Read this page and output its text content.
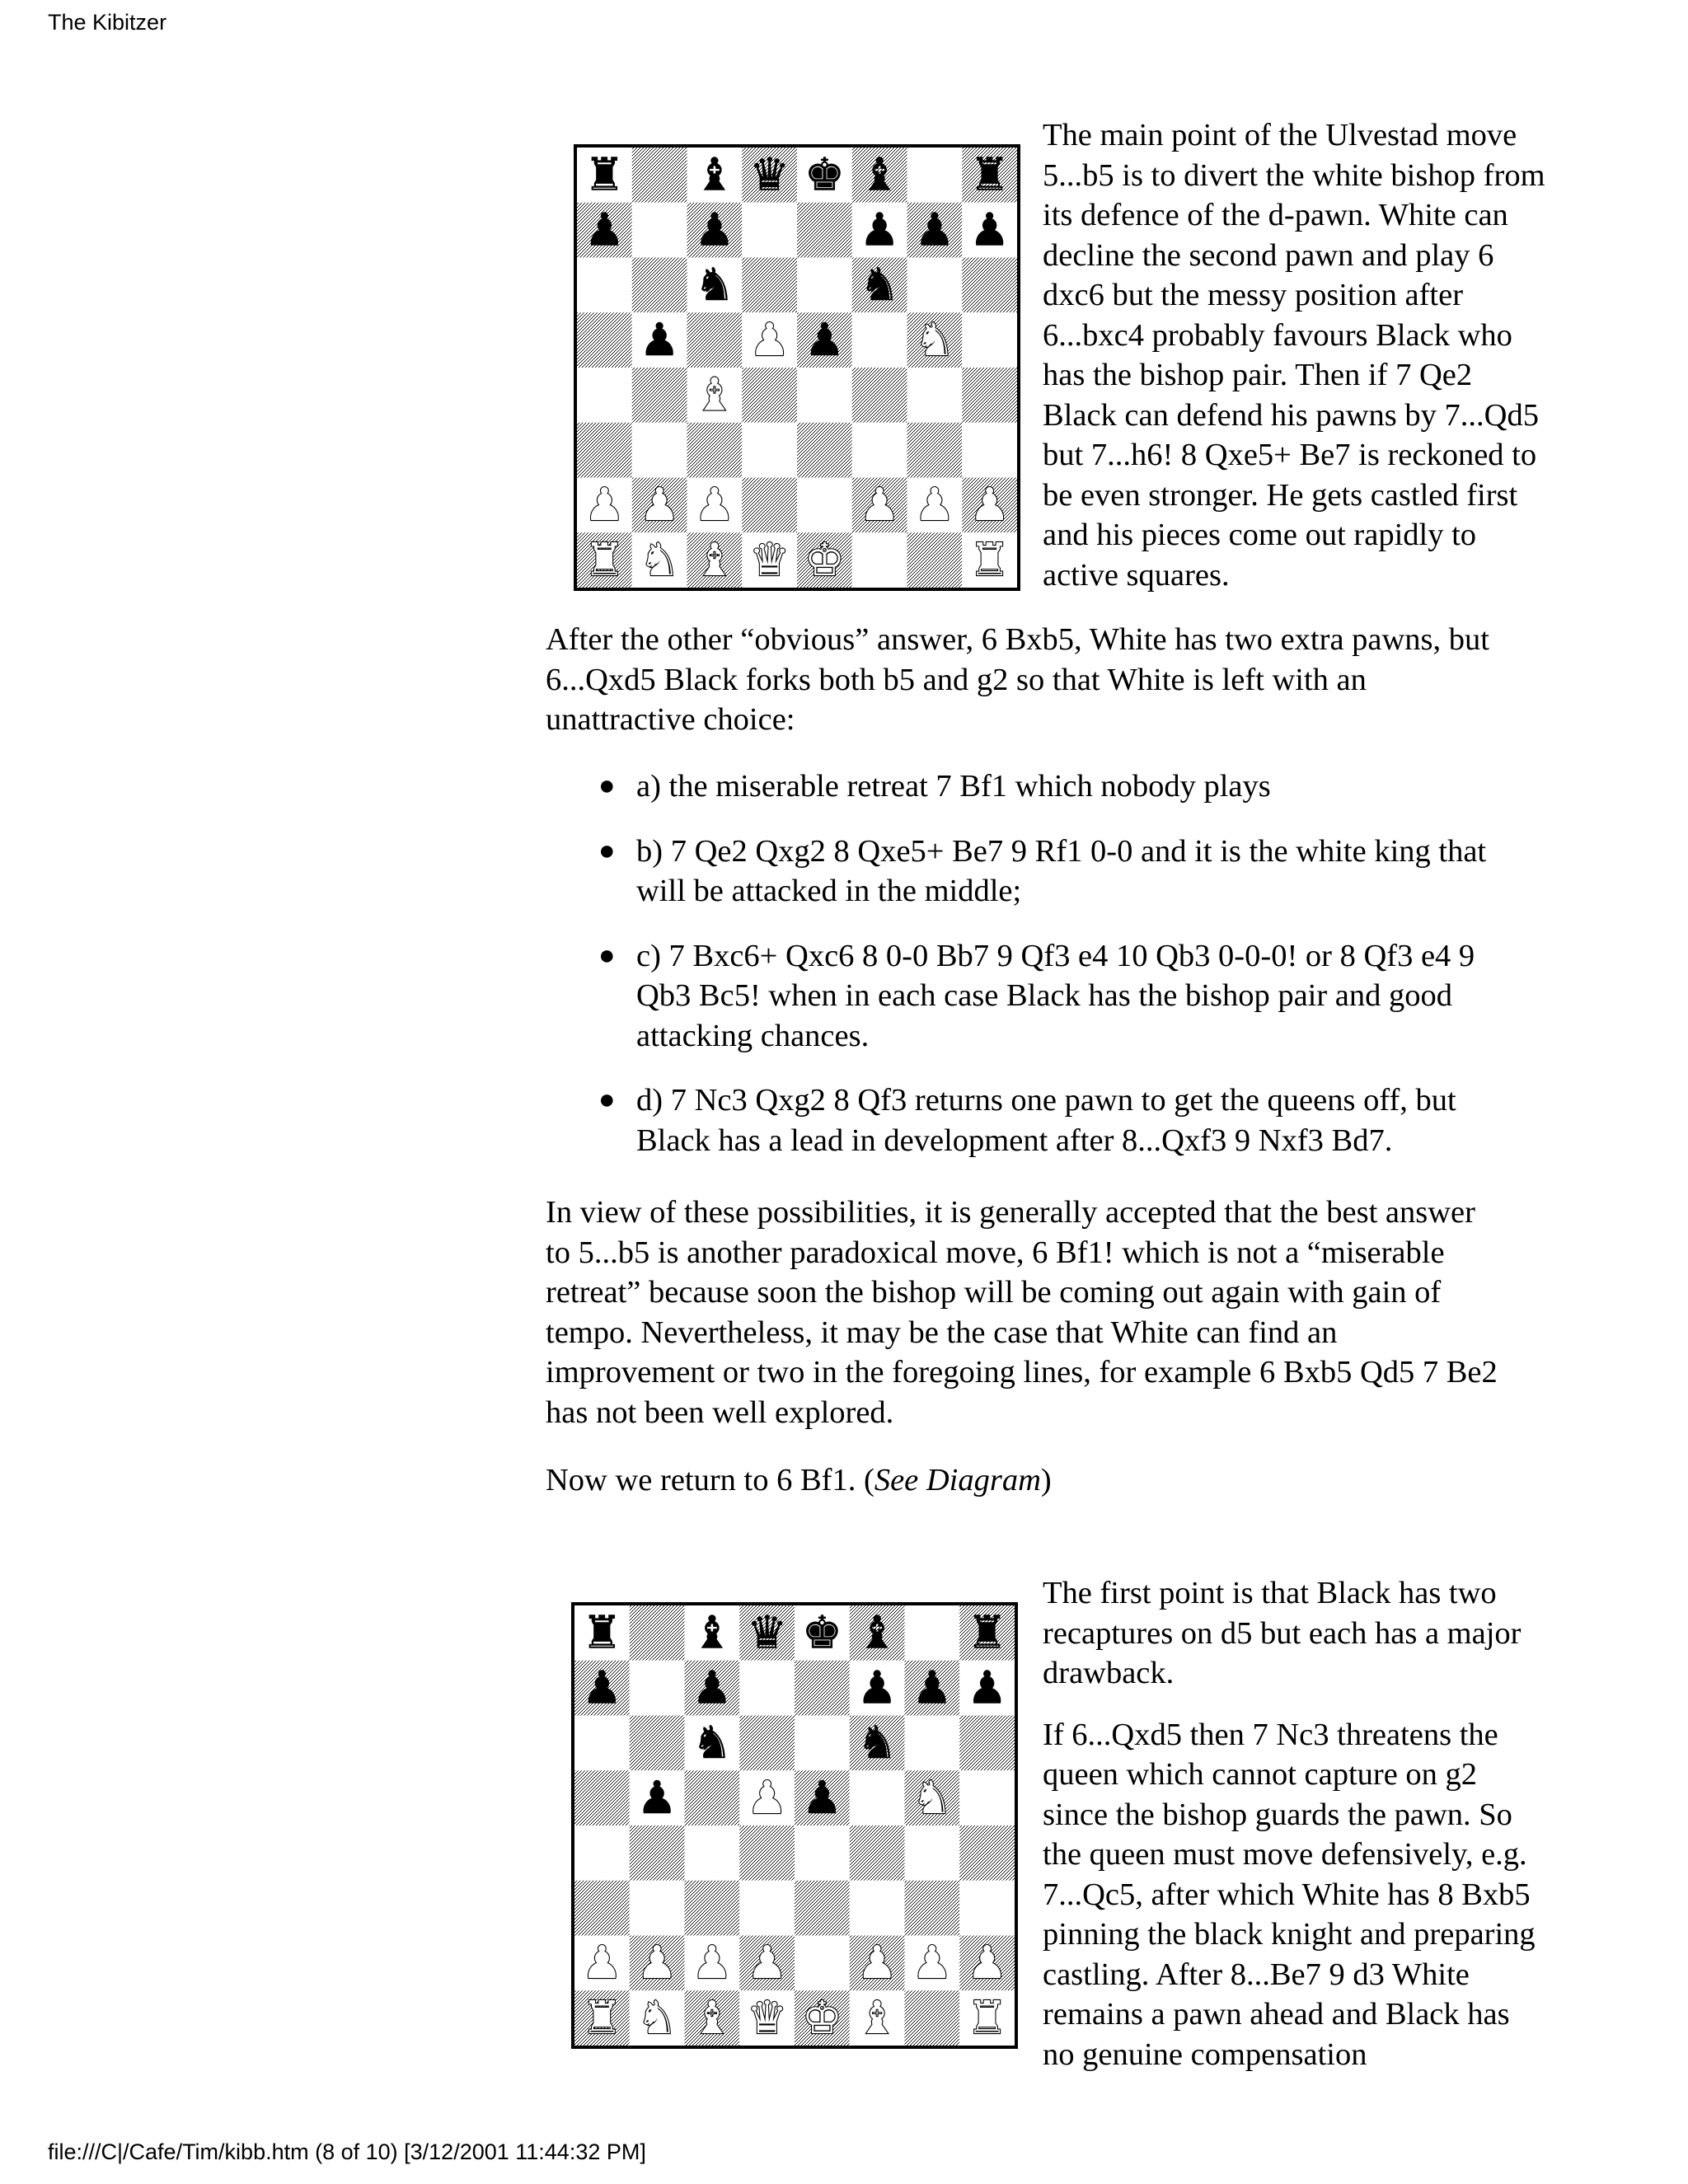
The Kibitzer
♜ ♝ ♛ ♚ ♝ ♜
♟ ♟	♟ ♟ ♟
♞	♞
♟ ♟ ♟ ♞
♝
♟ ♟ ♟	♟ ♟ ♟
♜ ♞ ♝ ♛ ♚	♜

The main point of the Ulvestad move
5...b5 is to divert the white bishop from
its defence of the d-pawn. White can
decline the second pawn and play 6
dxc6 but the messy position after
6...bxc4 probably favours Black who
has the bishop pair. Then if 7 Qe2
Black can defend his pawns by 7...Qd5
but 7...h6! 8 Qxe5+ Be7 is reckoned to
be even stronger. He gets castled first
and his pieces come out rapidly to
active squares.

After the other “obvious” answer, 6 Bxb5, White has two extra pawns, but
6...Qxd5 Black forks both b5 and g2 so that White is left with an
unattractive choice:

● a) the miserable retreat 7 Bf1 which nobody plays
● b) 7 Qe2 Qxg2 8 Qxe5+ Be7 9 Rf1 0-0 and it is the white king that
will be attacked in the middle;
● c) 7 Bxc6+ Qxc6 8 0-0 Bb7 9 Qf3 e4 10 Qb3 0-0-0! or 8 Qf3 e4 9
Qb3 Bc5! when in each case Black has the bishop pair and good
attacking chances.
● d) 7 Nc3 Qxg2 8 Qf3 returns one pawn to get the queens off, but
Black has a lead in development after 8...Qxf3 9 Nxf3 Bd7.

In view of these possibilities, it is generally accepted that the best answer
to 5...b5 is another paradoxical move, 6 Bf1! which is not a “miserable
retreat” because soon the bishop will be coming out again with gain of
tempo. Nevertheless, it may be the case that White can find an
improvement or two in the foregoing lines, for example 6 Bxb5 Qd5 7 Be2
has not been well explored.

Now we return to 6 Bf1. (See Diagram)

♜ ♝ ♛ ♚ ♝ ♜
♟ ♟	♟ ♟ ♟
♞	♞
♟ ♟ ♟ ♞
♟ ♟ ♟ ♟ ♟ ♟ ♟
♜ ♞ ♝ ♛ ♚ ♝ ♜

The first point is that Black has two
recaptures on d5 but each has a major
drawback.

If 6...Qxd5 then 7 Nc3 threatens the
queen which cannot capture on g2
since the bishop guards the pawn. So
the queen must move defensively, e.g.
7...Qc5, after which White has 8 Bxb5
pinning the black knight and preparing
castling. After 8...Be7 9 d3 White
remains a pawn ahead and Black has
no genuine compensation

file:///C|/Cafe/Tim/kibb.htm (8 of 10) [3/12/2001 11:44:32 PM]
